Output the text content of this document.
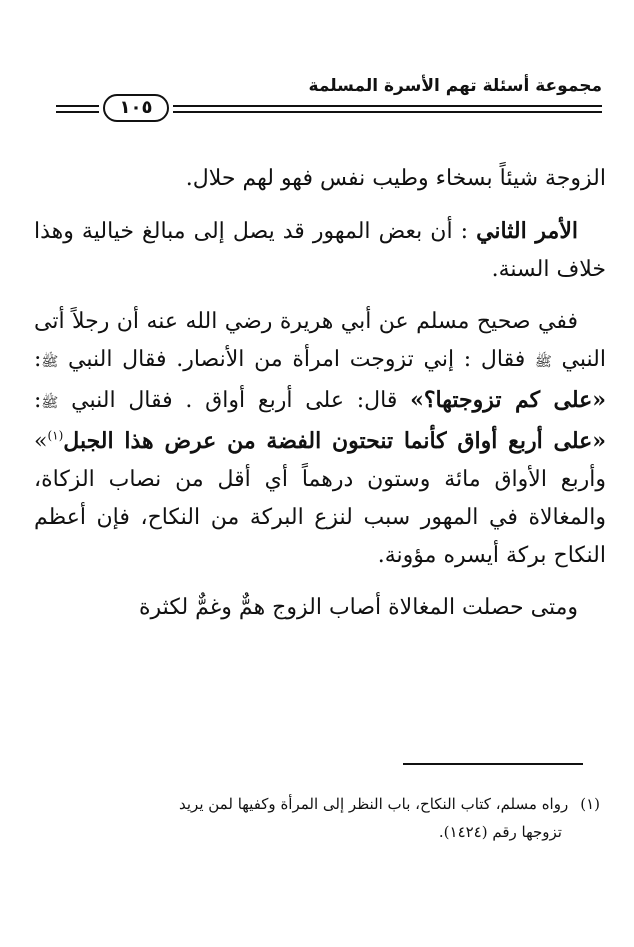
مجموعة أسئلة تهم الأسرة المسلمة
١٠٥

الزوجة شيئاً بسخاء وطيب نفس فهو لهم حلال.

الأمر الثاني : أن بعض المهور قد يصل إلى مبالغ خيالية وهذا خلاف السنة.

ففي صحيح مسلم عن أبي هريرة رضي الله عنه أن رجلاً أتى النبي ﷺ فقال : إني تزوجت امرأة من الأنصار. فقال النبي ﷺ: «على كم تزوجتها؟» قال: على أربع أواق . فقال النبي ﷺ: «على أربع أواق كأنما تنحتون الفضة من عرض هذا الجبل$^{(١)}$» وأربع الأواق مائة وستون درهماً أي أقل من نصاب الزكاة، والمغالاة في المهور سبب لنزع البركة من النكاح، فإن أعظم النكاح بركة أيسره مؤونة.

ومتى حصلت المغالاة أصاب الزوج همٌّ وغمٌّ لكثرة

(١)رواه مسلم، كتاب النكاح، باب النظر إلى المرأة وكفيها لمن يريد
تزوجها رقم (١٤٢٤).
